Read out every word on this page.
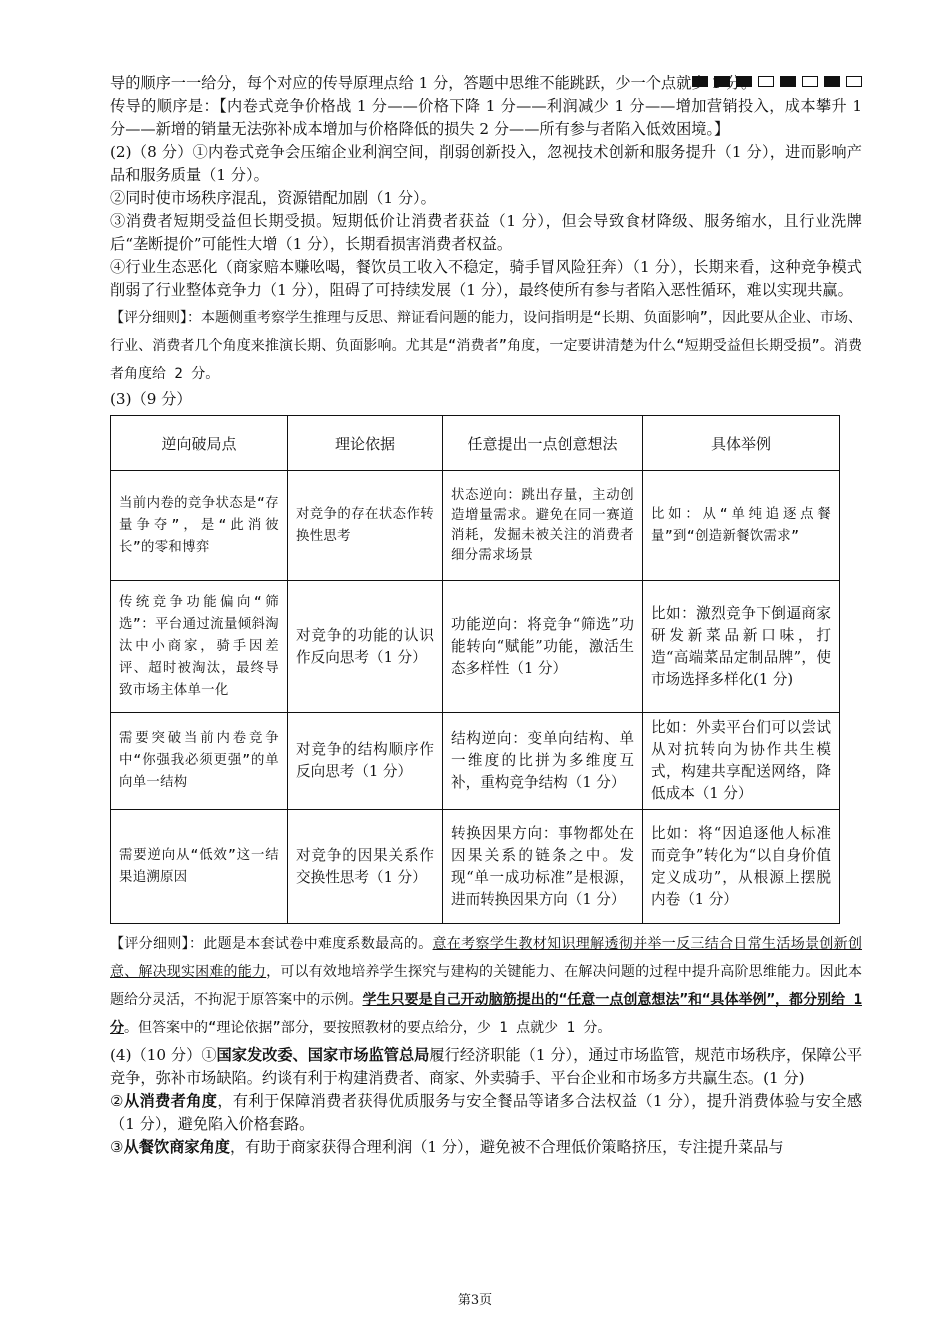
导的顺序一一给分，每个对应的传导原理点给 1 分，答题中思维不能跳跃，少一个点就少 1 分。

传导的顺序是：【内卷式竞争价格战 1 分——价格下降 1 分——利润减少 1 分——增加营销投入，成本攀升 1 分——新增的销量无法弥补成本增加与价格降低的损失 2 分——所有参与者陷入低效困境。】

(2)（8 分）①内卷式竞争会压缩企业利润空间，削弱创新投入，忽视技术创新和服务提升（1 分），进而影响产品和服务质量（1 分）。

②同时使市场秩序混乱，资源错配加剧（1 分）。

③消费者短期受益但长期受损。短期低价让消费者获益（1 分），但会导致食材降级、服务缩水，且行业洗牌后“垄断提价”可能性大增（1 分），长期看损害消费者权益。

④行业生态恶化（商家赔本赚吆喝，餐饮员工收入不稳定，骑手冒风险狂奔）（1 分），长期来看，这种竞争模式削弱了行业整体竞争力（1 分），阻碍了可持续发展（1 分），最终使所有参与者陷入恶性循环，难以实现共赢。

【评分细则】：本题侧重考察学生推理与反思、辩证看问题的能力，设问指明是“长期、负面影响”，因此要从企业、市场、行业、消费者几个角度来推演长期、负面影响。尤其是“消费者”角度，一定要讲清楚为什么“短期受益但长期受损”。消费者角度给 2 分。

(3)（9 分）

逆向破局点	理论依据	任意提出一点创意想法	具体举例
当前内卷的竞争状态是“存量争夺”，是“此消彼长”的零和博弈	对竞争的存在状态作转换性思考	状态逆向：跳出存量，主动创造增量需求。避免在同一赛道消耗，发掘未被关注的消费者细分需求场景	比如：从“单纯追逐点餐量”到“创造新餐饮需求”
传统竞争功能偏向“筛选”：平台通过流量倾斜淘汰中小商家，骑手因差评、超时被淘汰，最终导致市场主体单一化	对竞争的功能的认识作反向思考（1 分）	功能逆向：将竞争“筛选”功能转向“赋能”功能，激活生态多样性（1 分）	比如：激烈竞争下倒逼商家研发新菜品新口味，打造“高端菜品定制品牌”，使市场选择多样化(1 分)
需要突破当前内卷竞争中“你强我必须更强”的单向单一结构	对竞争的结构顺序作反向思考（1 分）	结构逆向：变单向结构、单一维度的比拼为多维度互补，重构竞争结构（1 分）	比如：外卖平台们可以尝试从对抗转向为协作共生模式，构建共享配送网络，降低成本（1 分）
需要逆向从“低效”这一结果追溯原因	对竞争的因果关系作交换性思考（1 分）	转换因果方向：事物都处在因果关系的链条之中。发现“单一成功标准”是根源，进而转换因果方向（1 分）	比如：将“因追逐他人标准而竞争”转化为“以自身价值定义成功”，从根源上摆脱内卷（1 分）

【评分细则】：此题是本套试卷中难度系数最高的。意在考察学生教材知识理解透彻并举一反三结合日常生活场景创新创意、解决现实困难的能力，可以有效地培养学生探究与建构的关键能力、在解决问题的过程中提升高阶思维能力。因此本题给分灵活，不拘泥于原答案中的示例。学生只要是自己开动脑筋提出的“任意一点创意想法”和“具体举例”，都分别给 1 分。但答案中的“理论依据”部分，要按照教材的要点给分，少 1 点就少 1 分。

(4)（10 分）①国家发改委、国家市场监管总局履行经济职能（1 分），通过市场监管，规范市场秩序，保障公平竞争，弥补市场缺陷。约谈有利于构建消费者、商家、外卖骑手、平台企业和市场多方共赢生态。(1 分)

②从消费者角度，有利于保障消费者获得优质服务与安全餐品等诸多合法权益（1 分），提升消费体验与安全感（1 分），避免陷入价格套路。

③从餐饮商家角度，有助于商家获得合理利润（1 分），避免被不合理低价策略挤压，专注提升菜品与

第3页
